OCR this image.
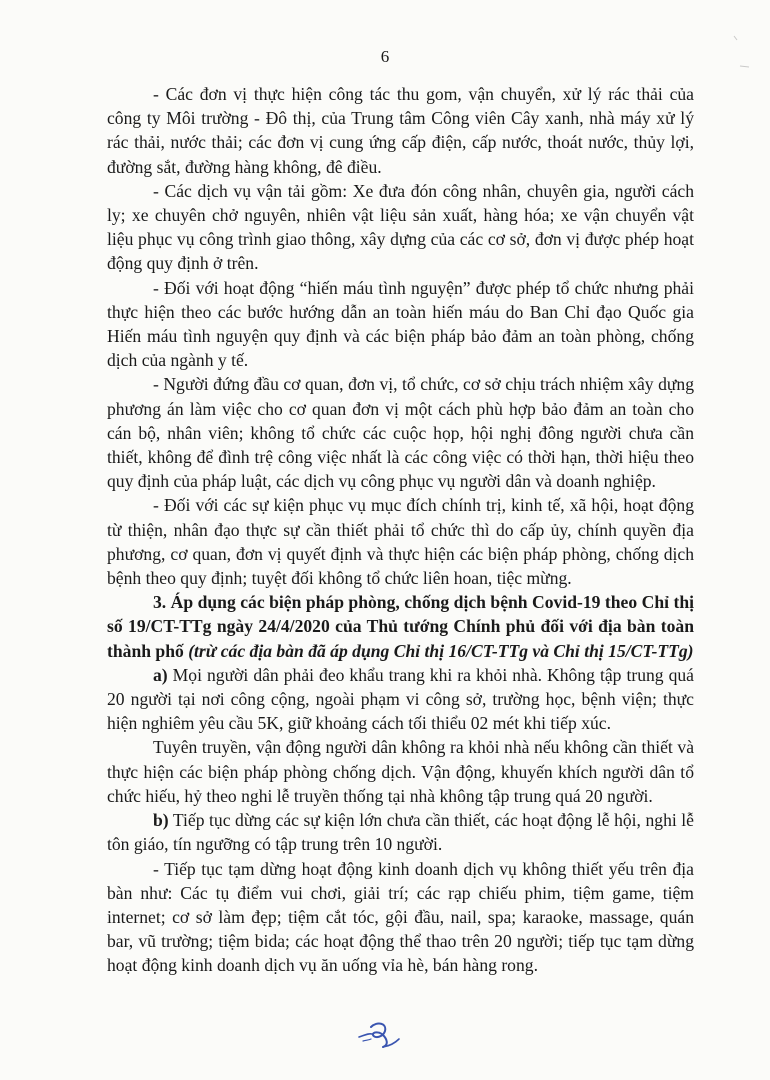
6

- Các đơn vị thực hiện công tác thu gom, vận chuyển, xử lý rác thải của công ty Môi trường - Đô thị, của Trung tâm Công viên Cây xanh, nhà máy xử lý rác thải, nước thải; các đơn vị cung ứng cấp điện, cấp nước, thoát nước, thủy lợi, đường sắt, đường hàng không, đê điều.

- Các dịch vụ vận tải gồm: Xe đưa đón công nhân, chuyên gia, người cách ly; xe chuyên chở nguyên, nhiên vật liệu sản xuất, hàng hóa; xe vận chuyển vật liệu phục vụ công trình giao thông, xây dựng của các cơ sở, đơn vị được phép hoạt động quy định ở trên.

- Đối với hoạt động “hiến máu tình nguyện” được phép tổ chức nhưng phải thực hiện theo các bước hướng dẫn an toàn hiến máu do Ban Chỉ đạo Quốc gia Hiến máu tình nguyện quy định và các biện pháp bảo đảm an toàn phòng, chống dịch của ngành y tế.

- Người đứng đầu cơ quan, đơn vị, tổ chức, cơ sở chịu trách nhiệm xây dựng phương án làm việc cho cơ quan đơn vị một cách phù hợp bảo đảm an toàn cho cán bộ, nhân viên; không tổ chức các cuộc họp, hội nghị đông người chưa cần thiết, không để đình trệ công việc nhất là các công việc có thời hạn, thời hiệu theo quy định của pháp luật, các dịch vụ công phục vụ người dân và doanh nghiệp.

- Đối với các sự kiện phục vụ mục đích chính trị, kinh tế, xã hội, hoạt động từ thiện, nhân đạo thực sự cần thiết phải tổ chức thì do cấp ủy, chính quyền địa phương, cơ quan, đơn vị quyết định và thực hiện các biện pháp phòng, chống dịch bệnh theo quy định; tuyệt đối không tổ chức liên hoan, tiệc mừng.

3. Áp dụng các biện pháp phòng, chống dịch bệnh Covid-19 theo Chỉ thị số 19/CT-TTg ngày 24/4/2020 của Thủ tướng Chính phủ đối với địa bàn toàn thành phố (trừ các địa bàn đã áp dụng Chỉ thị 16/CT-TTg và Chỉ thị 15/CT-TTg)

a) Mọi người dân phải đeo khẩu trang khi ra khỏi nhà. Không tập trung quá 20 người tại nơi công cộng, ngoài phạm vi công sở, trường học, bệnh viện; thực hiện nghiêm yêu cầu 5K, giữ khoảng cách tối thiểu 02 mét khi tiếp xúc.

Tuyên truyền, vận động người dân không ra khỏi nhà nếu không cần thiết và thực hiện các biện pháp phòng chống dịch. Vận động, khuyến khích người dân tổ chức hiếu, hỷ theo nghi lễ truyền thống tại nhà không tập trung quá 20 người.

b) Tiếp tục dừng các sự kiện lớn chưa cần thiết, các hoạt động lễ hội, nghi lễ tôn giáo, tín ngưỡng có tập trung trên 10 người.

- Tiếp tục tạm dừng hoạt động kinh doanh dịch vụ không thiết yếu trên địa bàn như: Các tụ điểm vui chơi, giải trí; các rạp chiếu phim, tiệm game, tiệm internet; cơ sở làm đẹp; tiệm cắt tóc, gội đầu, nail, spa; karaoke, massage, quán bar, vũ trường; tiệm bida; các hoạt động thể thao trên 20 người; tiếp tục tạm dừng hoạt động kinh doanh dịch vụ ăn uống vỉa hè, bán hàng rong.
